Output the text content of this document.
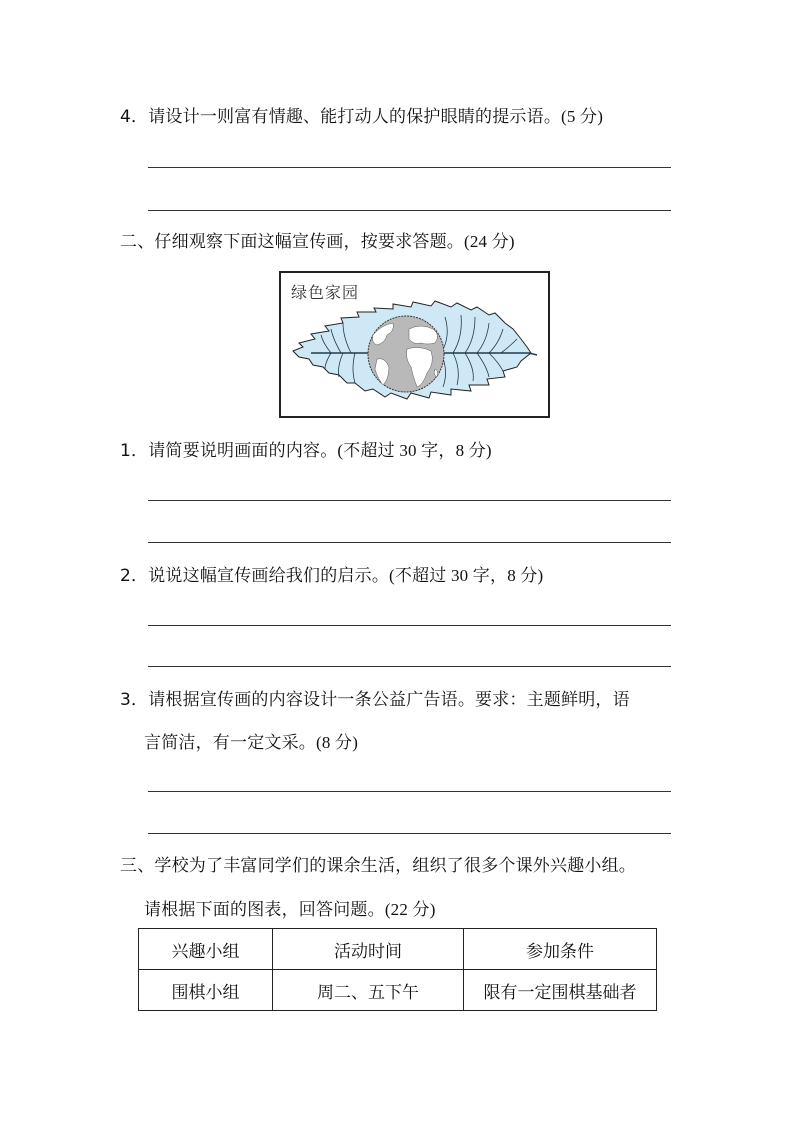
4．请设计一则富有情趣、能打动人的保护眼睛的提示语。(5 分)
二、仔细观察下面这幅宣传画，按要求答题。(24 分)
绿色家园
1．请简要说明画面的内容。(不超过 30 字，8 分)
2．说说这幅宣传画给我们的启示。(不超过 30 字，8 分)
3．请根据宣传画的内容设计一条公益广告语。要求：主题鲜明，语
言简洁，有一定文采。(8 分)
三、学校为了丰富同学们的课余生活，组织了很多个课外兴趣小组。
请根据下面的图表，回答问题。(22 分)
兴趣小组	活动时间	参加条件
围棋小组	周二、五下午	限有一定围棋基础者
